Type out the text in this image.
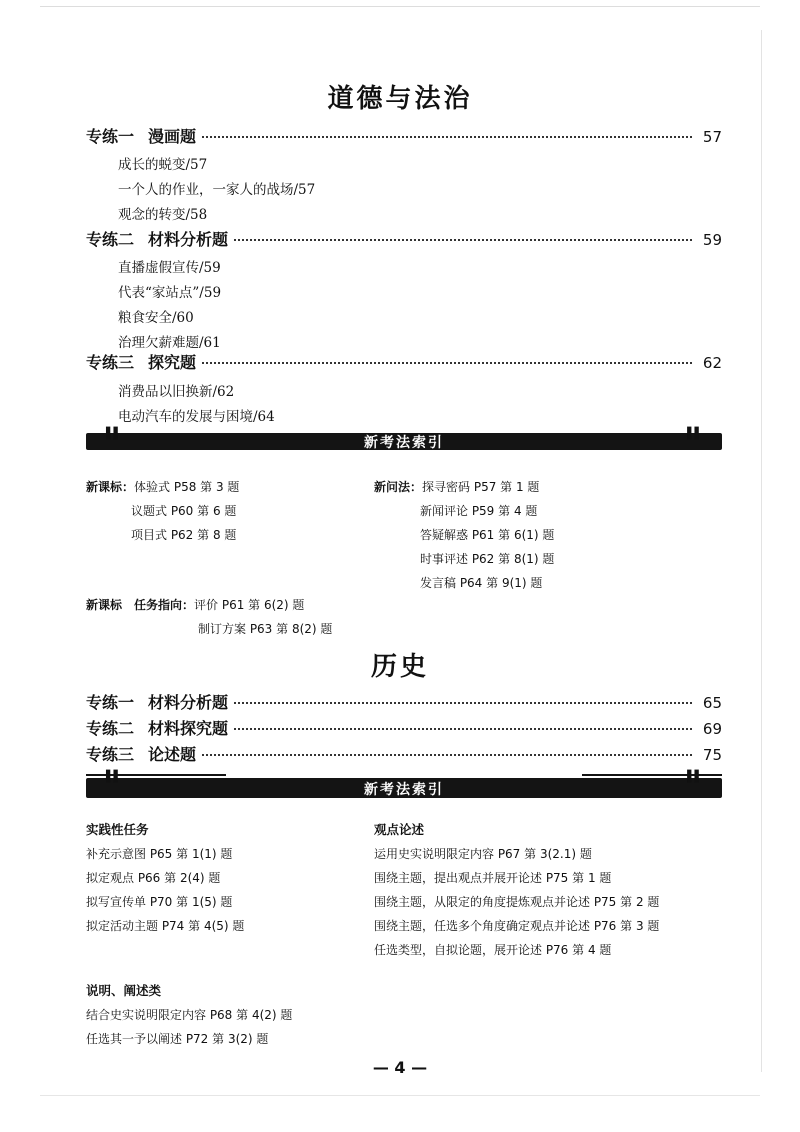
道德与法治
专练一 漫画题	57
成长的蜕变/57
一个人的作业，一家人的战场/57
观念的转变/58
专练二 材料分析题	59
直播虚假宣传/59
代表“家站点”/59
粮食安全/60
治理欠薪难题/61
专练三 探究题	62
消费品以旧换新/62
电动汽车的发展与困境/64
▌▌	▌▌
新考法索引
新课标：体验式 P58 第 3 题
议题式 P60 第 6 题
项目式 P62 第 8 题
新问法：探寻密码 P57 第 1 题
新闻评论 P59 第 4 题
答疑解惑 P61 第 6(1) 题
时事评述 P62 第 8(1) 题
发言稿 P64 第 9(1) 题
新课标 任务指向：评价 P61 第 6(2) 题
制订方案 P63 第 8(2) 题
历史
专练一 材料分析题	65
专练二 材料探究题	69
专练三 论述题	75
▌▌	▌▌
新考法索引
实践性任务
补充示意图 P65 第 1(1) 题
拟定观点 P66 第 2(4) 题
拟写宣传单 P70 第 1(5) 题
拟定活动主题 P74 第 4(5) 题
观点论述
运用史实说明限定内容 P67 第 3(2.1) 题
围绕主题，提出观点并展开论述 P75 第 1 题
围绕主题，从限定的角度提炼观点并论述 P75 第 2 题
围绕主题，任选多个角度确定观点并论述 P76 第 3 题
任选类型，自拟论题，展开论述 P76 第 4 题
说明、阐述类
结合史实说明限定内容 P68 第 4(2) 题
任选其一予以阐述 P72 第 3(2) 题
— 4 —
